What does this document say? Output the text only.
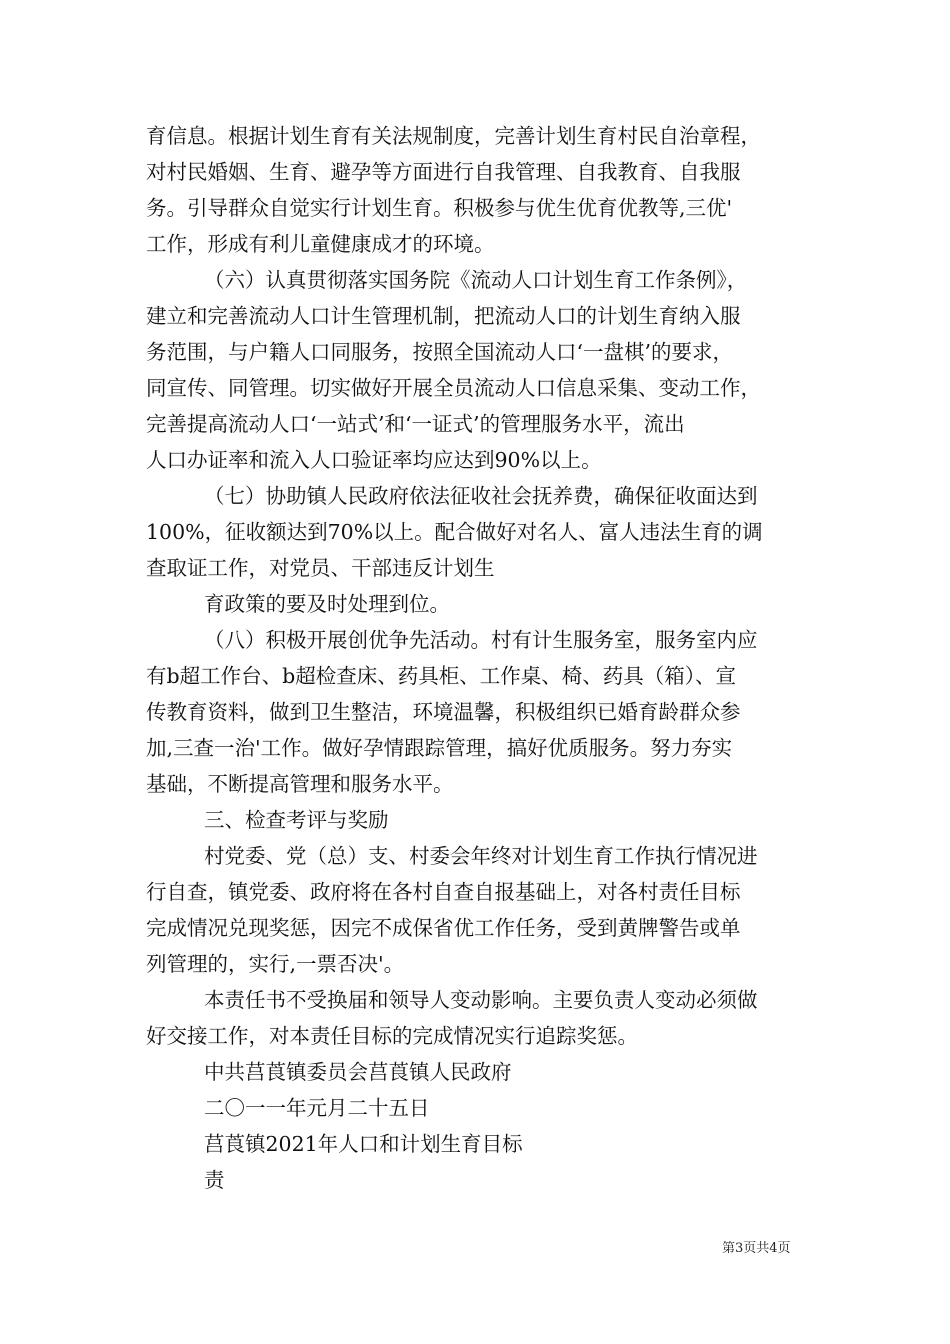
育信息。根据计划生育有关法规制度，完善计划生育村民自治章程，
对村民婚姻、生育、避孕等方面进行自我管理、自我教育、自我服
务。引导群众自觉实行计划生育。积极参与优生优育优教等,三优'
工作，形成有利儿童健康成才的环境。
（六）认真贯彻落实国务院《流动人口计划生育工作条例》，
建立和完善流动人口计生管理机制，把流动人口的计划生育纳入服
务范围，与户籍人口同服务，按照全国流动人口‘一盘棋’的要求，
同宣传、同管理。切实做好开展全员流动人口信息采集、变动工作，
完善提高流动人口‘一站式’和‘一证式’的管理服务水平，流出
人口办证率和流入人口验证率均应达到90%以上。
（七）协助镇人民政府依法征收社会抚养费，确保征收面达到
100%，征收额达到70%以上。配合做好对名人、富人违法生育的调
查取证工作，对党员、干部违反计划生
育政策的要及时处理到位。
（八）积极开展创优争先活动。村有计生服务室，服务室内应
有b超工作台、b超检查床、药具柜、工作桌、椅、药具（箱）、宣
传教育资料，做到卫生整洁，环境温馨，积极组织已婚育龄群众参
加,三查一治'工作。做好孕情跟踪管理，搞好优质服务。努力夯实
基础，不断提高管理和服务水平。
三、检查考评与奖励
村党委、党（总）支、村委会年终对计划生育工作执行情况进
行自查，镇党委、政府将在各村自查自报基础上，对各村责任目标
完成情况兑现奖惩，因完不成保省优工作任务，受到黄牌警告或单
列管理的，实行,一票否决'。
本责任书不受换届和领导人变动影响。主要负责人变动必须做
好交接工作，对本责任目标的完成情况实行追踪奖惩。
中共莒莨镇委员会莒莨镇人民政府
二〇一一年元月二十五日
莒莨镇2021年人口和计划生育目标
责
第3页共4页
